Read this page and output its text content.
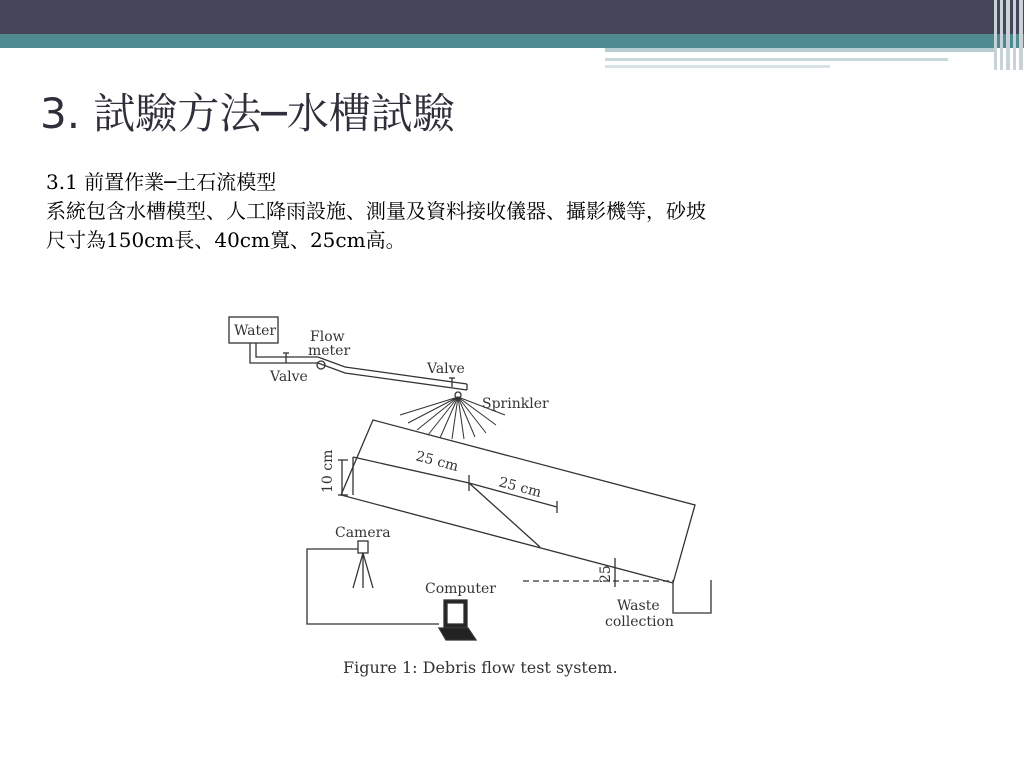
3. 試驗方法─水槽試驗
3.1 前置作業─土石流模型
系統包含水槽模型、人工降雨設施、測量及資料接收儀器、攝影機等，砂坡
尺寸為150cm長、40cm寬、25cm高。
Water Flow
meter
Valve	Valve
Sprinkler
25 cm
25 cm
10 cm
25
Camera
Computer
Waste
collection
Figure 1: Debris flow test system.
